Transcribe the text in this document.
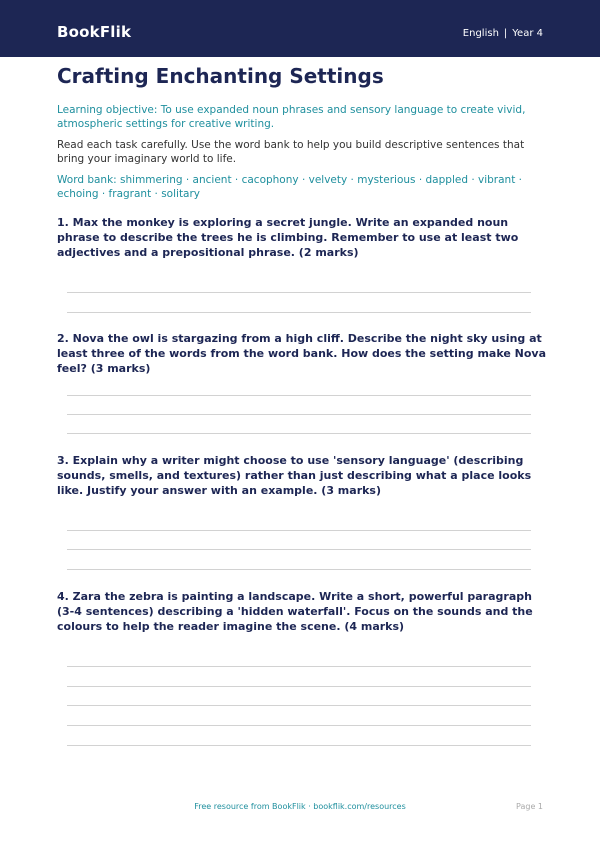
BookFlik	English | Year 4
Crafting Enchanting Settings
Learning objective: To use expanded noun phrases and sensory language to create vivid, atmospheric settings for creative writing.
Read each task carefully. Use the word bank to help you build descriptive sentences that bring your imaginary world to life.
Word bank: shimmering · ancient · cacophony · velvety · mysterious · dappled · vibrant · echoing · fragrant · solitary

1. Max the monkey is exploring a secret jungle. Write an expanded noun phrase to describe the trees he is climbing. Remember to use at least two adjectives and a prepositional phrase. (2 marks)

2. Nova the owl is stargazing from a high cliff. Describe the night sky using at least three of the words from the word bank. How does the setting make Nova feel? (3 marks)

3. Explain why a writer might choose to use 'sensory language' (describing sounds, smells, and textures) rather than just describing what a place looks like. Justify your answer with an example. (3 marks)

4. Zara the zebra is painting a landscape. Write a short, powerful paragraph (3-4 sentences) describing a 'hidden waterfall'. Focus on the sounds and the colours to help the reader imagine the scene. (4 marks)

Free resource from BookFlik · bookflik.com/resources	Page 1
